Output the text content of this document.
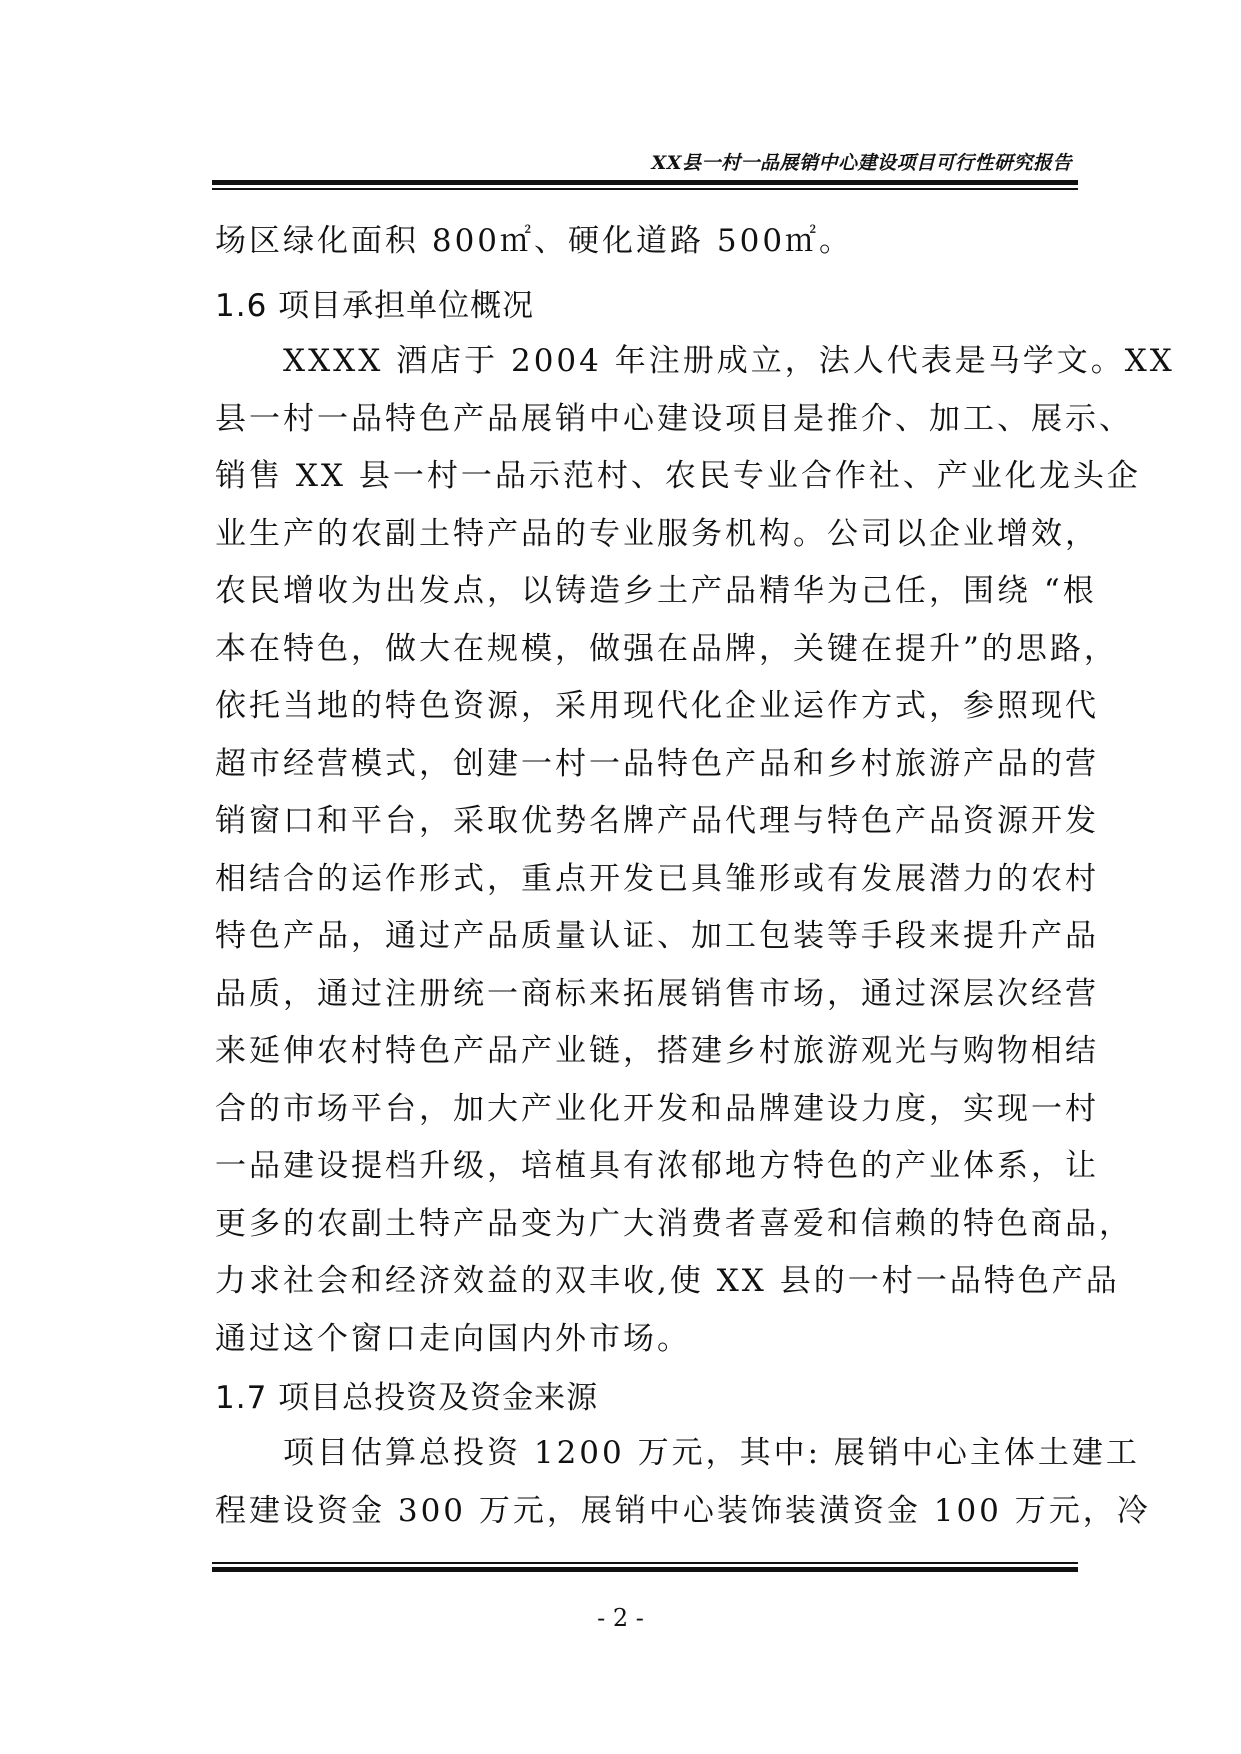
XX县一村一品展销中心建设项目可行性研究报告

场区绿化面积 800㎡、硬化道路 500㎡。

1.6 项目承担单位概况

XXXX 酒店于 2004 年注册成立，法人代表是马学文。XX

县一村一品特色产品展销中心建设项目是推介、加工、展示、

销售 XX 县一村一品示范村、农民专业合作社、产业化龙头企

业生产的农副土特产品的专业服务机构。公司以企业增效，

农民增收为出发点，以铸造乡土产品精华为己任，围绕 “根

本在特色，做大在规模，做强在品牌，关键在提升”的思路，

依托当地的特色资源，采用现代化企业运作方式，参照现代

超市经营模式，创建一村一品特色产品和乡村旅游产品的营

销窗口和平台，采取优势名牌产品代理与特色产品资源开发

相结合的运作形式，重点开发已具雏形或有发展潜力的农村

特色产品，通过产品质量认证、加工包装等手段来提升产品

品质，通过注册统一商标来拓展销售市场，通过深层次经营

来延伸农村特色产品产业链，搭建乡村旅游观光与购物相结

合的市场平台，加大产业化开发和品牌建设力度，实现一村

一品建设提档升级，培植具有浓郁地方特色的产业体系，让

更多的农副土特产品变为广大消费者喜爱和信赖的特色商品，

力求社会和经济效益的双丰收,使 XX 县的一村一品特色产品

通过这个窗口走向国内外市场。

1.7 项目总投资及资金来源

项目估算总投资 1200 万元，其中: 展销中心主体土建工

程建设资金 300 万元，展销中心装饰装潢资金 100 万元，冷

- 2 -
